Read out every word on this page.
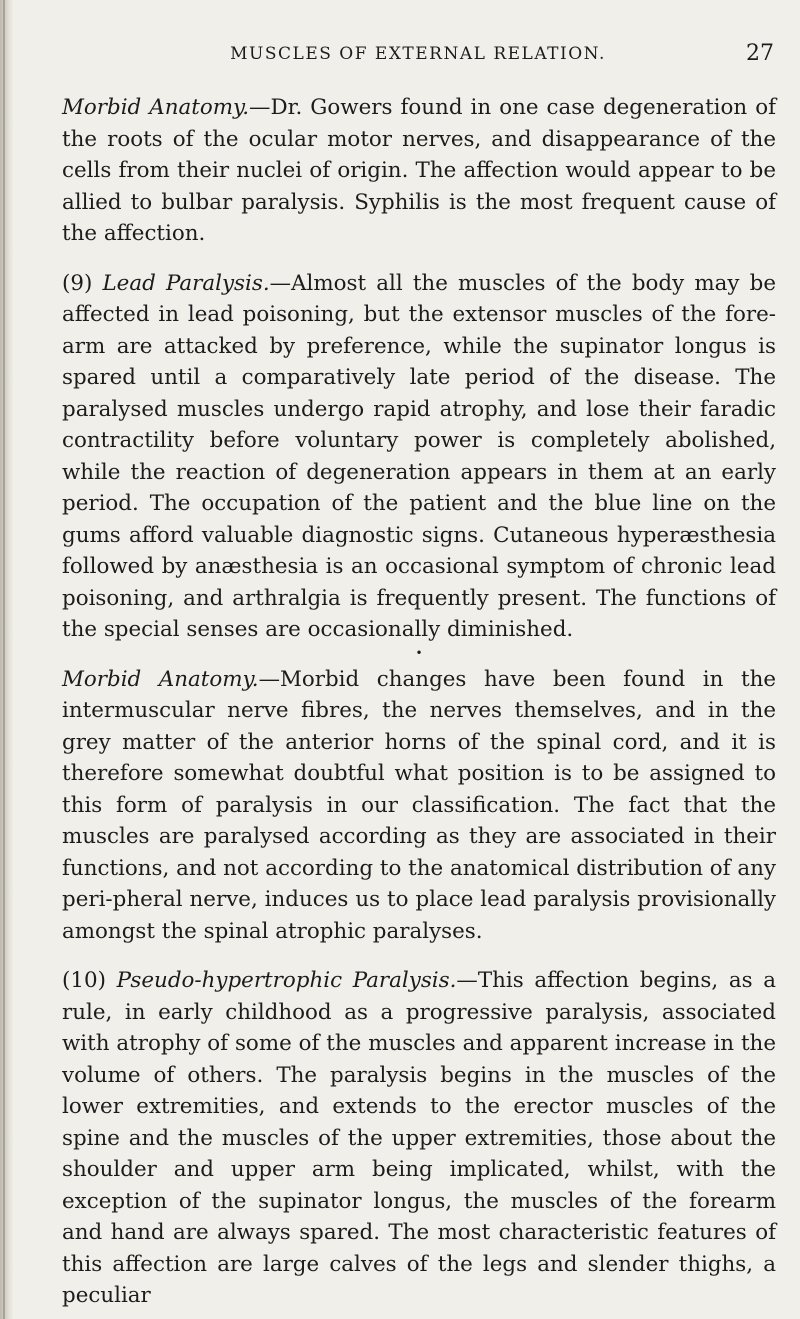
MUSCLES OF EXTERNAL RELATION.	27

Morbid Anatomy.—Dr. Gowers found in one case degeneration of the roots of the ocular motor nerves, and disappearance of the cells from their nuclei of origin. The affection would appear to be allied to bulbar paralysis. Syphilis is the most frequent cause of the affection.

(9) Lead Paralysis.—Almost all the muscles of the body may be affected in lead poisoning, but the extensor muscles of the fore-arm are attacked by preference, while the supinator longus is spared until a comparatively late period of the disease. The paralysed muscles undergo rapid atrophy, and lose their faradic contractility before voluntary power is completely abolished, while the reaction of degeneration appears in them at an early period. The occupation of the patient and the blue line on the gums afford valuable diagnostic signs. Cutaneous hyperæsthesia followed by anæsthesia is an occasional symptom of chronic lead poisoning, and arthralgia is frequently present. The functions of the special senses are occasionally diminished.

•

Morbid Anatomy.—Morbid changes have been found in the intermuscular nerve fibres, the nerves themselves, and in the grey matter of the anterior horns of the spinal cord, and it is therefore somewhat doubtful what position is to be assigned to this form of paralysis in our classification. The fact that the muscles are paralysed according as they are associated in their functions, and not according to the anatomical distribution of any peri-pheral nerve, induces us to place lead paralysis provisionally amongst the spinal atrophic paralyses.

(10) Pseudo-hypertrophic Paralysis.—This affection begins, as a rule, in early childhood as a progressive paralysis, associated with atrophy of some of the muscles and apparent increase in the volume of others. The paralysis begins in the muscles of the lower extremities, and extends to the erector muscles of the spine and the muscles of the upper extremities, those about the shoulder and upper arm being implicated, whilst, with the exception of the supinator longus, the muscles of the forearm and hand are always spared. The most characteristic features of this affection are large calves of the legs and slender thighs, a peculiar
